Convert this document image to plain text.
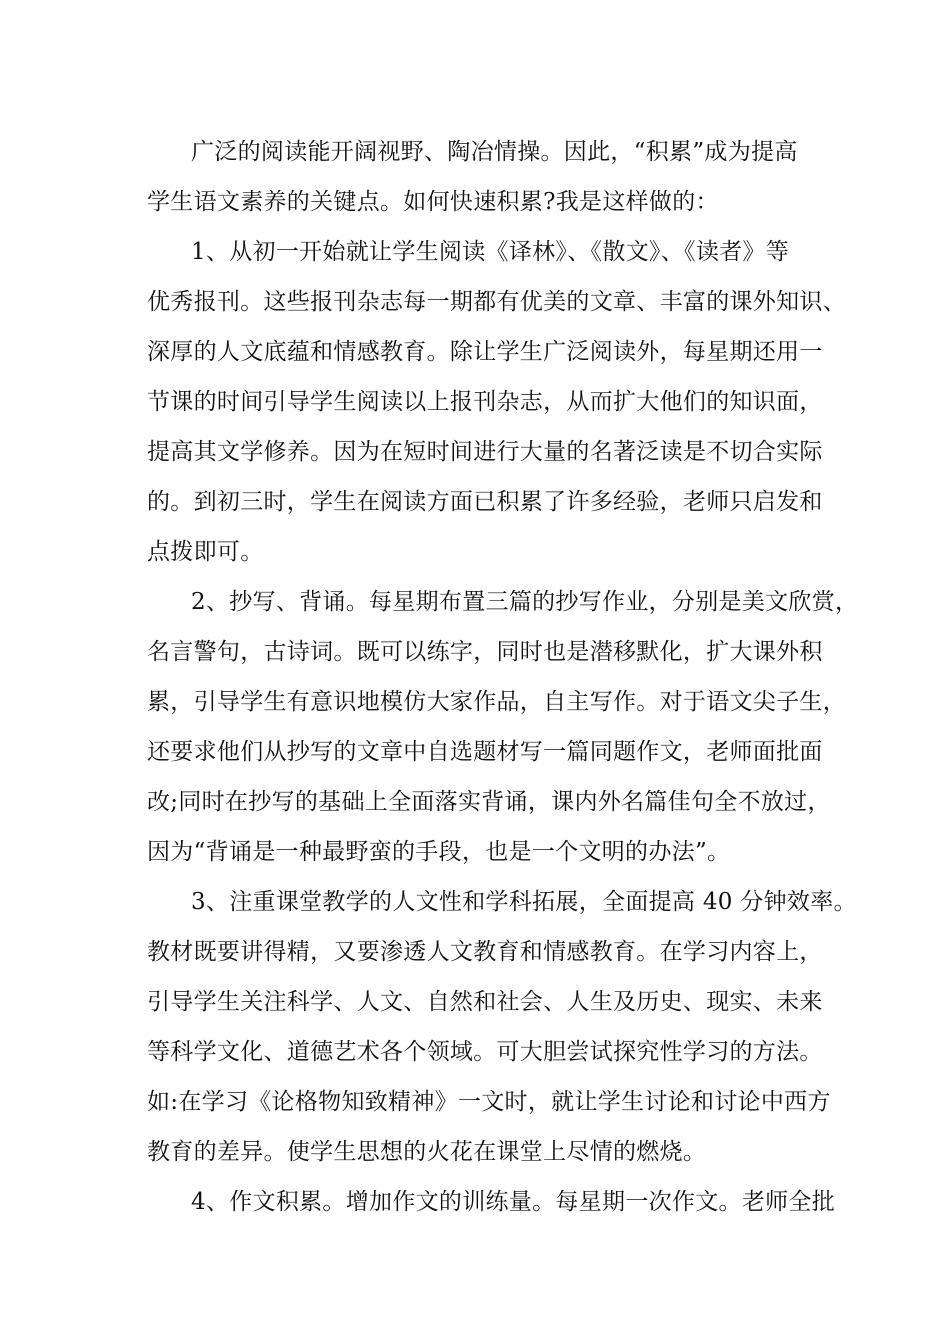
广泛的阅读能开阔视野、陶冶情操。因此，“积累”成为提高
学生语文素养的关键点。如何快速积累?我是这样做的：
1、从初一开始就让学生阅读《译林》、《散文》、《读者》等
优秀报刊。这些报刊杂志每一期都有优美的文章、丰富的课外知识、
深厚的人文底蕴和情感教育。除让学生广泛阅读外，每星期还用一
节课的时间引导学生阅读以上报刊杂志，从而扩大他们的知识面，
提高其文学修养。因为在短时间进行大量的名著泛读是不切合实际
的。到初三时，学生在阅读方面已积累了许多经验，老师只启发和
点拨即可。
2、抄写、背诵。每星期布置三篇的抄写作业，分别是美文欣赏，
名言警句，古诗词。既可以练字，同时也是潜移默化，扩大课外积
累，引导学生有意识地模仿大家作品，自主写作。对于语文尖子生，
还要求他们从抄写的文章中自选题材写一篇同题作文，老师面批面
改;同时在抄写的基础上全面落实背诵，课内外名篇佳句全不放过，
因为“背诵是一种最野蛮的手段，也是一个文明的办法”。
3、注重课堂教学的人文性和学科拓展，全面提高 40 分钟效率。
教材既要讲得精，又要渗透人文教育和情感教育。在学习内容上，
引导学生关注科学、人文、自然和社会、人生及历史、现实、未来
等科学文化、道德艺术各个领域。可大胆尝试探究性学习的方法。
如:在学习《论格物知致精神》一文时，就让学生讨论和讨论中西方
教育的差异。使学生思想的火花在课堂上尽情的燃烧。
4、作文积累。增加作文的训练量。每星期一次作文。老师全批
